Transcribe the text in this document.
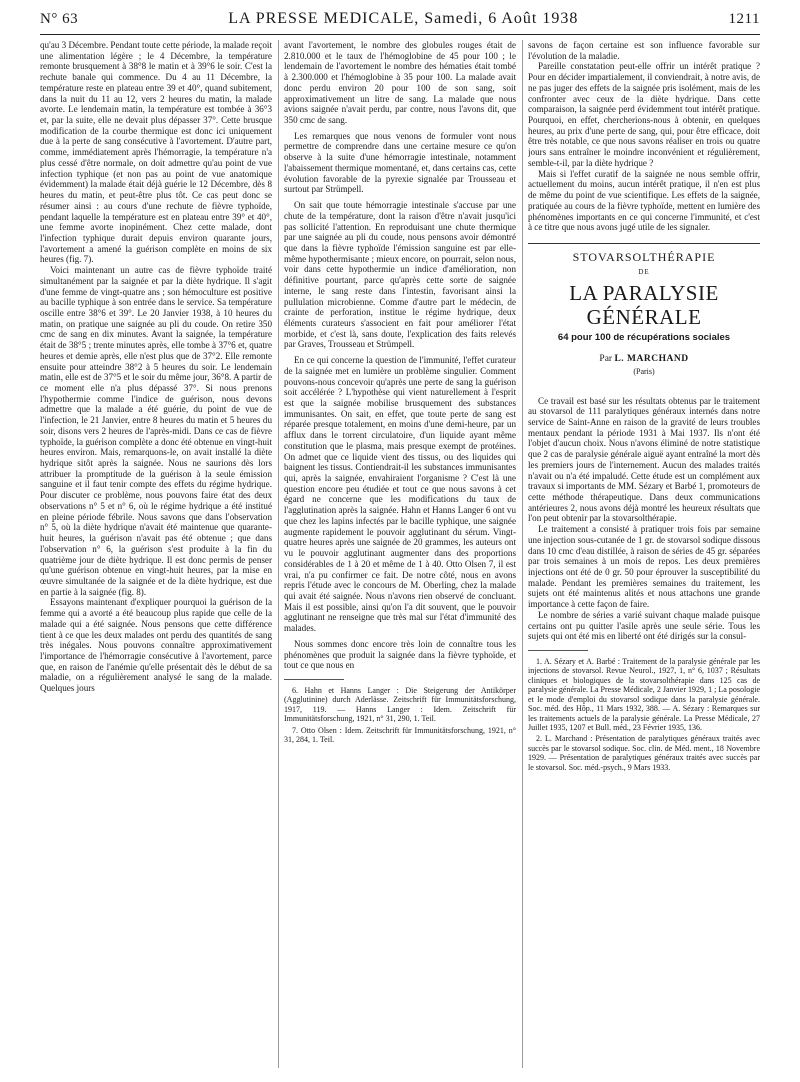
N° 63	LA PRESSE MEDICALE, Samedi, 6 Août 1938	1211

qu'au 3 Décembre. Pendant toute cette période, la malade reçoit une alimentation légère ; le 4 Décembre, la température remonte brusquement à 38°8 le matin et à 39°6 le soir. C'est la rechute banale qui commence. Du 4 au 11 Décembre, la température reste en plateau entre 39 et 40°, quand subitement, dans la nuit du 11 au 12, vers 2 heures du matin, la malade avorte. Le lendemain matin, la température est tombée à 36°3 et, par la suite, elle ne devait plus dépasser 37°. Cette brusque modification de la courbe thermique est donc ici uniquement due à la perte de sang consécutive à l'avortement. D'autre part, comme, immédiatement après l'hémorragie, la température n'a plus cessé d'être normale, on doit admettre qu'au point de vue infection typhique (et non pas au point de vue anatomique évidemment) la malade était déjà guérie le 12 Décembre, dès 8 heures du matin, et peut-être plus tôt. Ce cas peut donc se résumer ainsi : au cours d'une rechute de fièvre typhoïde, pendant laquelle la température est en plateau entre 39° et 40°, une femme avorte inopinément. Chez cette malade, dont l'infection typhique durait depuis environ quarante jours, l'avortement a amené la guérison complète en moins de six heures (fig. 7).

Voici maintenant un autre cas de fièvre typhoïde traité simultanément par la saignée et par la diète hydrique. Il s'agit d'une femme de vingt-quatre ans ; son hémoculture est positive au bacille typhique à son entrée dans le service. Sa température oscille entre 38°6 et 39°. Le 20 Janvier 1938, à 10 heures du matin, on pratique une saignée au pli du coude. On retire 350 cmc de sang en dix minutes. Avant la saignée, la température était de 38°5 ; trente minutes après, elle tombe à 37°6 et, quatre heures et demie après, elle n'est plus que de 37°2. Elle remonte ensuite pour atteindre 38°2 à 5 heures du soir. Le lendemain matin, elle est de 37°5 et le soir du même jour, 36°8. A partir de ce moment elle n'a plus dépassé 37°. Si nous prenons l'hypothermie comme l'indice de guérison, nous devons admettre que la malade a été guérie, du point de vue de l'infection, le 21 Janvier, entre 8 heures du matin et 5 heures du soir, disons vers 2 heures de l'après-midi. Dans ce cas de fièvre typhoïde, la guérison complète a donc été obtenue en vingt-huit heures environ. Mais, remarquons-le, on avait installé la diète hydrique sitôt après la saignée. Nous ne saurions dès lors attribuer la promptitude de la guérison à la seule émission sanguine et il faut tenir compte des effets du régime hydrique. Pour discuter ce problème, nous pouvons faire état des deux observations n° 5 et n° 6, où le régime hydrique a été institué en pleine période fébrile. Nous savons que dans l'observation n° 5, où la diète hydrique n'avait été maintenue que quarante-huit heures, la guérison n'avait pas été obtenue ; que dans l'observation n° 6, la guérison s'est produite à la fin du quatrième jour de diète hydrique. Il est donc permis de penser qu'une guérison obtenue en vingt-huit heures, par la mise en œuvre simultanée de la saignée et de la diète hydrique, est due en partie à la saignée (fig. 8).

Essayons maintenant d'expliquer pourquoi la guérison de la femme qui a avorté a été beaucoup plus rapide que celle de la malade qui a été saignée. Nous pensons que cette différence tient à ce que les deux malades ont perdu des quantités de sang très inégales. Nous pouvons connaître approximativement l'importance de l'hémorragie consécutive à l'avortement, parce que, en raison de l'anémie qu'elle présentait dès le début de sa maladie, on a régulièrement analysé le sang de la malade. Quelques jours

avant l'avortement, le nombre des globules rouges était de 2.810.000 et le taux de l'hémoglobine de 45 pour 100 ; le lendemain de l'avortement le nombre des hématies était tombé à 2.300.000 et l'hémoglobine à 35 pour 100. La malade avait donc perdu environ 20 pour 100 de son sang, soit approximativement un litre de sang. La malade que nous avions saignée n'avait perdu, par contre, nous l'avons dit, que 350 cmc de sang.

Les remarques que nous venons de formuler vont nous permettre de comprendre dans une certaine mesure ce qu'on observe à la suite d'une hémorragie intestinale, notamment l'abaissement thermique momentané, et, dans certains cas, cette évolution favorable de la pyrexie signalée par Trousseau et surtout par Strümpell.

On sait que toute hémorragie intestinale s'accuse par une chute de la température, dont la raison d'être n'avait jusqu'ici pas sollicité l'attention. En reproduisant une chute thermique par une saignée au pli du coude, nous pensons avoir démontré que dans la fièvre typhoïde l'émission sanguine est par elle-même hypothermisante ; mieux encore, on pourrait, selon nous, voir dans cette hypothermie un indice d'amélioration, non définitive pourtant, parce qu'après cette sorte de saignée interne, le sang reste dans l'intestin, favorisant ainsi la pullulation microbienne. Comme d'autre part le médecin, de crainte de perforation, institue le régime hydrique, deux éléments curateurs s'associent en fait pour améliorer l'état morbide, et c'est là, sans doute, l'explication des faits relevés par Graves, Trousseau et Strümpell.

En ce qui concerne la question de l'immunité, l'effet curateur de la saignée met en lumière un problème singulier. Comment pouvons-nous concevoir qu'après une perte de sang la guérison soit accélérée ? L'hypothèse qui vient naturellement à l'esprit est que la saignée mobilise brusquement des substances immunisantes. On sait, en effet, que toute perte de sang est réparée presque totalement, en moins d'une demi-heure, par un afflux dans le torrent circulatoire, d'un liquide ayant même constitution que le plasma, mais presque exempt de protéines. On admet que ce liquide vient des tissus, ou des liquides qui baignent les tissus. Contiendrait-il les substances immunisantes qui, après la saignée, envahiraient l'organisme ? C'est là une question encore peu étudiée et tout ce que nous savons à cet égard ne concerne que les modifications du taux de l'agglutination après la saignée. Hahn et Hanns Langer 6 ont vu que chez les lapins infectés par le bacille typhique, une saignée augmente rapidement le pouvoir agglutinant du sérum. Vingt-quatre heures après une saignée de 20 grammes, les auteurs ont vu le pouvoir agglutinant augmenter dans des proportions considérables de 1 à 20 et même de 1 à 40. Otto Olsen 7, il est vrai, n'a pu confirmer ce fait. De notre côté, nous en avons repris l'étude avec le concours de M. Oberling, chez la malade qui avait été saignée. Nous n'avons rien observé de concluant. Mais il est possible, ainsi qu'on l'a dit souvent, que le pouvoir agglutinant ne renseigne que très mal sur l'état d'immunité des malades.

Nous sommes donc encore très loin de connaître tous les phénomènes que produit la saignée dans la fièvre typhoïde, et tout ce que nous en

6. Hahn et Hanns Langer : Die Steigerung der Antikörper (Agglutinine) durch Aderlässe. Zeitschrift für Immunitätsforschung, 1917, 119. — Hanns Langer : Idem. Zeitschrift für Immunitätsforschung, 1921, n° 31, 290, 1. Teil.

7. Otto Olsen : Idem. Zeitschrift für Immunitätsforschung, 1921, n° 31, 284, 1. Teil.

savons de façon certaine est son influence favorable sur l'évolution de la maladie.

Pareille constatation peut-elle offrir un intérêt pratique ? Pour en décider impartialement, il conviendrait, à notre avis, de ne pas juger des effets de la saignée pris isolément, mais de les confronter avec ceux de la diète hydrique. Dans cette comparaison, la saignée perd évidemment tout intérêt pratique. Pourquoi, en effet, chercherions-nous à obtenir, en quelques heures, au prix d'une perte de sang, qui, pour être efficace, doit être très notable, ce que nous savons réaliser en trois ou quatre jours sans entraîner le moindre inconvénient et régulièrement, semble-t-il, par la diète hydrique ?

Mais si l'effet curatif de la saignée ne nous semble offrir, actuellement du moins, aucun intérêt pratique, il n'en est plus de même du point de vue scientifique. Les effets de la saignée, pratiquée au cours de la fièvre typhoïde, mettent en lumière des phénomènes importants en ce qui concerne l'immunité, et c'est à ce titre que nous avons jugé utile de les signaler.

STOVARSOLTHÉRAPIE
DE
LA PARALYSIE GÉNÉRALE
64 pour 100 de récupérations sociales
Par L. MARCHAND
(Paris)

Ce travail est basé sur les résultats obtenus par le traitement au stovarsol de 111 paralytiques généraux internés dans notre service de Saint-Anne en raison de la gravité de leurs troubles mentaux pendant la période 1931 à Mai 1937. Ils n'ont été l'objet d'aucun choix. Nous n'avons éliminé de notre statistique que 2 cas de paralysie générale aiguë ayant entraîné la mort dès les premiers jours de l'internement. Aucun des malades traités n'avait ou n'a été impaludé. Cette étude est un complément aux travaux si importants de MM. Sézary et Barbé 1, promoteurs de cette méthode thérapeutique. Dans deux communications antérieures 2, nous avons déjà montré les heureux résultats que l'on peut obtenir par la stovarsolthérapie.

Le traitement a consisté à pratiquer trois fois par semaine une injection sous-cutanée de 1 gr. de stovarsol sodique dissous dans 10 cmc d'eau distillée, à raison de séries de 45 gr. séparées par trois semaines à un mois de repos. Les deux premières injections ont été de 0 gr. 50 pour éprouver la susceptibilité du malade. Pendant les premières semaines du traitement, les sujets ont été maintenus alités et nous attachons une grande importance à cette façon de faire.

Le nombre de séries a varié suivant chaque malade puisque certains ont pu quitter l'asile après une seule série. Tous les sujets qui ont été mis en liberté ont été dirigés sur la consul-

1. A. Sézary et A. Barbé : Traitement de la paralysie générale par les injections de stovarsol. Revue Neurol., 1927, 1, n° 6, 1037 ; Résultats cliniques et biologiques de la stovarsolthérapie dans 125 cas de paralysie générale. La Presse Médicale, 2 Janvier 1929, 1 ; La posologie et le mode d'emploi du stovarsol sodique dans la paralysie générale. Soc. méd. des Hôp., 11 Mars 1932, 388. — A. Sézary : Remarques sur les traitements actuels de la paralysie générale. La Presse Médicale, 27 Juillet 1935, 1207 et Bull. méd., 23 Février 1935, 136.

2. L. Marchand : Présentation de paralytiques généraux traités avec succès par le stovarsol sodique. Soc. clin. de Méd. ment., 18 Novembre 1929. — Présentation de paralytiques généraux traités avec succès par le stovarsol. Soc. méd.-psych., 9 Mars 1933.
